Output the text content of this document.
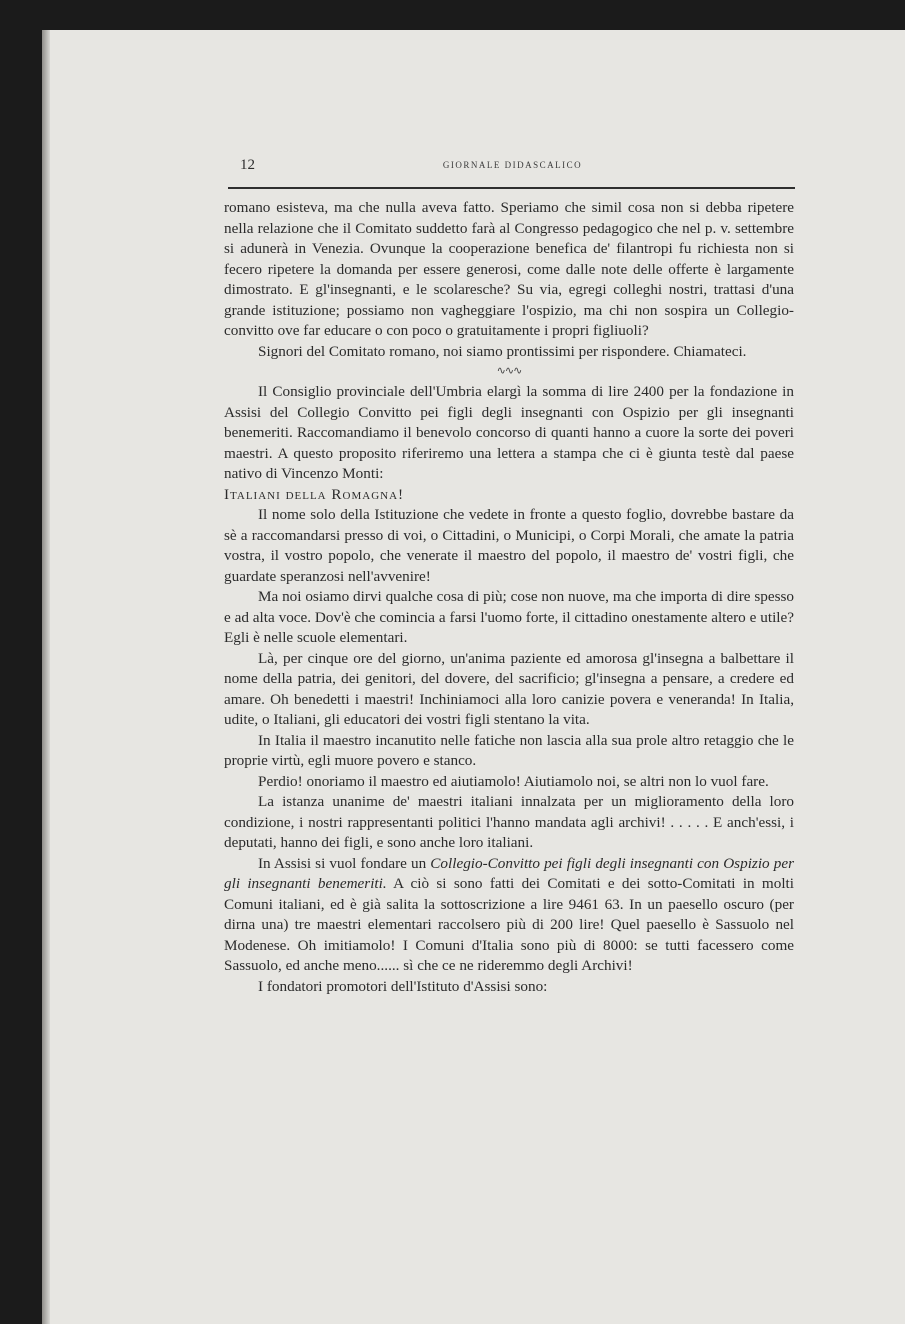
12	GIORNALE DIDASCALICO

romano esisteva, ma che nulla aveva fatto. Speriamo che simil cosa non si debba ripetere nella relazione che il Comitato suddetto farà al Congresso pedagogico che nel p. v. settembre si adunerà in Venezia. Ovunque la cooperazione benefica de' filantropi fu richiesta non si fecero ripetere la domanda per essere generosi, come dalle note delle offerte è largamente dimostrato. E gl'insegnanti, e le scolaresche? Su via, egregi colleghi nostri, trattasi d'una grande istituzione; possiamo non vagheggiare l'ospizio, ma chi non sospira un Collegio-convitto ove far educare o con poco o gratuitamente i propri figliuoli?

Signori del Comitato romano, noi siamo prontissimi per rispondere. Chiamateci.

∿∿∿

Il Consiglio provinciale dell'Umbria elargì la somma di lire 2400 per la fondazione in Assisi del Collegio Convitto pei figli degli insegnanti con Ospizio per gli insegnanti benemeriti. Raccomandiamo il benevolo concorso di quanti hanno a cuore la sorte dei poveri maestri. A questo proposito riferiremo una lettera a stampa che ci è giunta testè dal paese nativo di Vincenzo Monti:

Italiani della Romagna!

Il nome solo della Istituzione che vedete in fronte a questo foglio, dovrebbe bastare da sè a raccomandarsi presso di voi, o Cittadini, o Municipi, o Corpi Morali, che amate la patria vostra, il vostro popolo, che venerate il maestro del popolo, il maestro de' vostri figli, che guardate speranzosi nell'avvenire!

Ma noi osiamo dirvi qualche cosa di più; cose non nuove, ma che importa di dire spesso e ad alta voce. Dov'è che comincia a farsi l'uomo forte, il cittadino onestamente altero e utile? Egli è nelle scuole elementari.

Là, per cinque ore del giorno, un'anima paziente ed amorosa gl'insegna a balbettare il nome della patria, dei genitori, del dovere, del sacrificio; gl'insegna a pensare, a credere ed amare. Oh benedetti i maestri! Inchiniamoci alla loro canizie povera e veneranda! In Italia, udite, o Italiani, gli educatori dei vostri figli stentano la vita.

In Italia il maestro incanutito nelle fatiche non lascia alla sua prole altro retaggio che le proprie virtù, egli muore povero e stanco.

Perdio! onoriamo il maestro ed aiutiamolo! Aiutiamolo noi, se altri non lo vuol fare.

La istanza unanime de' maestri italiani innalzata per un miglioramento della loro condizione, i nostri rappresentanti politici l'hanno mandata agli archivi! . . . . . E anch'essi, i deputati, hanno dei figli, e sono anche loro italiani.

In Assisi si vuol fondare un Collegio-Convitto pei figli degli insegnanti con Ospizio per gli insegnanti benemeriti. A ciò si sono fatti dei Comitati e dei sotto-Comitati in molti Comuni italiani, ed è già salita la sottoscrizione a lire 9461 63. In un paesello oscuro (per dirna una) tre maestri elementari raccolsero più di 200 lire! Quel paesello è Sassuolo nel Modenese. Oh imitiamolo! I Comuni d'Italia sono più di 8000: se tutti facessero come Sassuolo, ed anche meno...... sì che ce ne rideremmo degli Archivi!

I fondatori promotori dell'Istituto d'Assisi sono:
